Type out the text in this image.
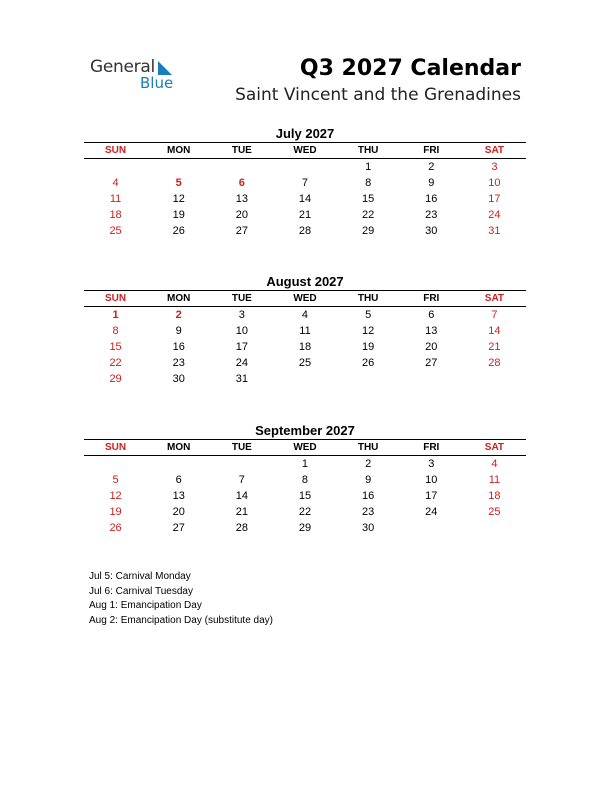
General
Blue
Q3 2027 Calendar
Saint Vincent and the Grenadines
July 2027
SUN	MON	TUE	WED	THU	FRI	SAT
				1	2	3
4	5	6	7	8	9	10
11	12	13	14	15	16	17
18	19	20	21	22	23	24
25	26	27	28	29	30	31
August 2027
SUN	MON	TUE	WED	THU	FRI	SAT
1	2	3	4	5	6	7
8	9	10	11	12	13	14
15	16	17	18	19	20	21
22	23	24	25	26	27	28
29	30	31				
September 2027
SUN	MON	TUE	WED	THU	FRI	SAT
			1	2	3	4
5	6	7	8	9	10	11
12	13	14	15	16	17	18
19	20	21	22	23	24	25
26	27	28	29	30		
Jul 5: Carnival Monday
Jul 6: Carnival Tuesday
Aug 1: Emancipation Day
Aug 2: Emancipation Day (substitute day)
